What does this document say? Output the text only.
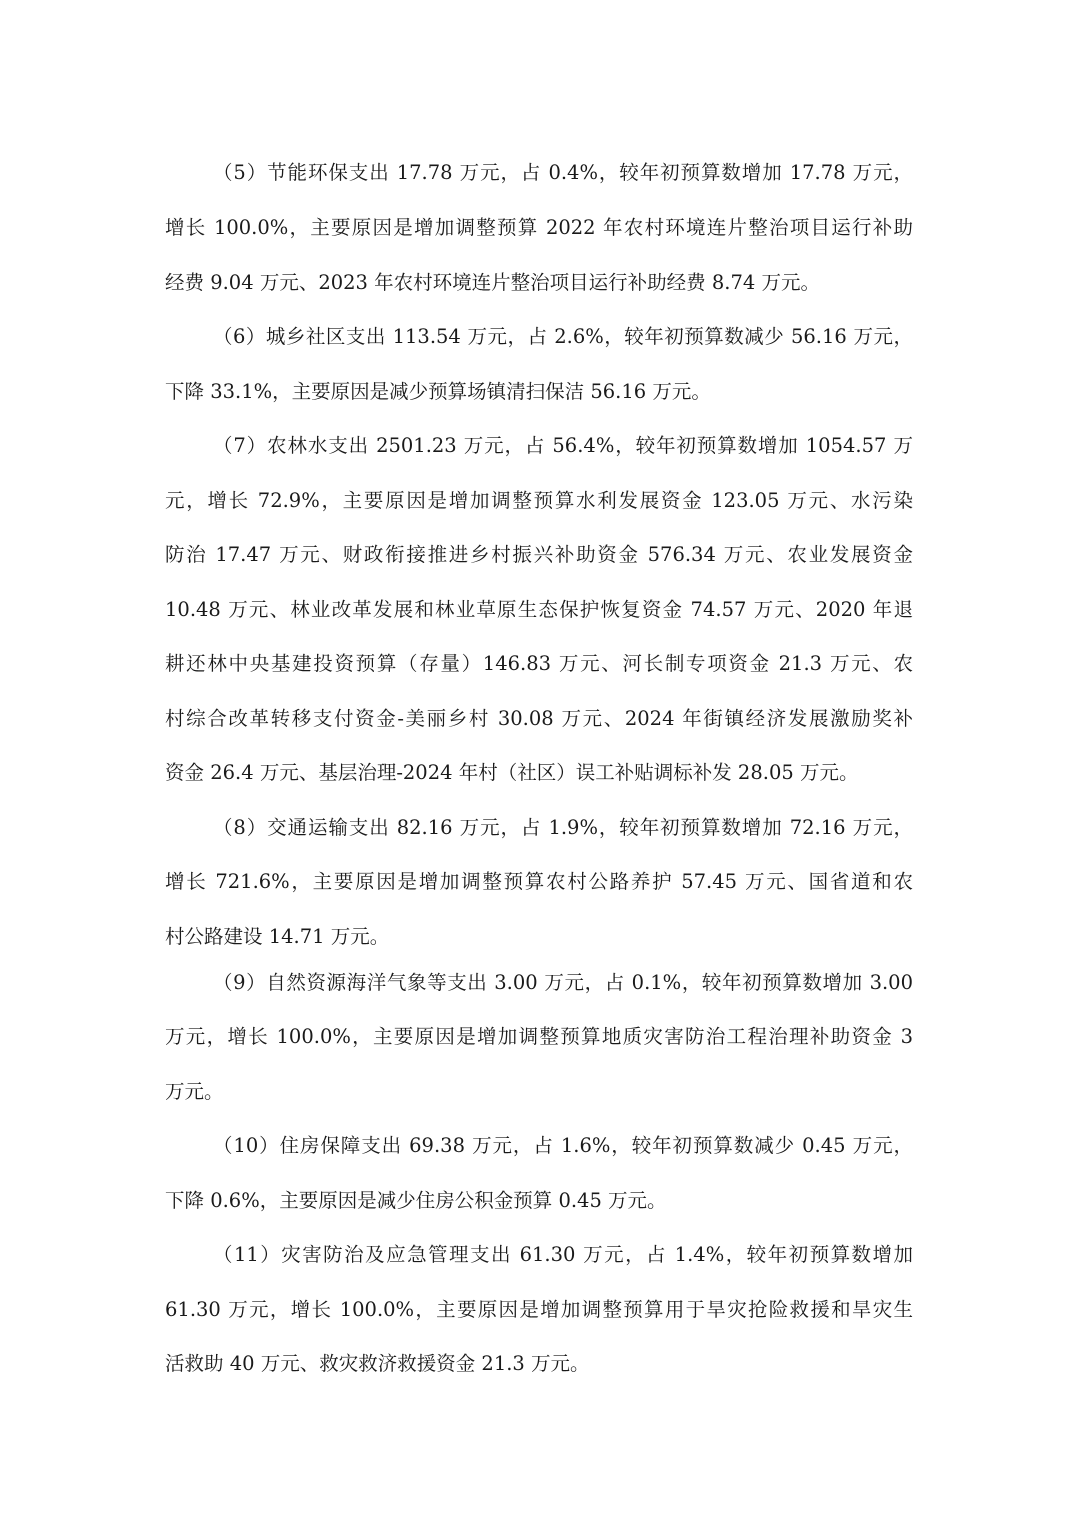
（5）节能环保支出 17.78 万元，占 0.4%，较年初预算数增加 17.78 万元，
增长 100.0%，主要原因是增加调整预算 2022 年农村环境连片整治项目运行补助
经费 9.04 万元、2023 年农村环境连片整治项目运行补助经费 8.74 万元。
（6）城乡社区支出 113.54 万元，占 2.6%，较年初预算数减少 56.16 万元，
下降 33.1%，主要原因是减少预算场镇清扫保洁 56.16 万元。
（7）农林水支出 2501.23 万元，占 56.4%，较年初预算数增加 1054.57 万
元，增长 72.9%，主要原因是增加调整预算水利发展资金 123.05 万元、水污染
防治 17.47 万元、财政衔接推进乡村振兴补助资金 576.34 万元、农业发展资金
10.48 万元、林业改革发展和林业草原生态保护恢复资金 74.57 万元、2020 年退
耕还林中央基建投资预算（存量）146.83 万元、河长制专项资金 21.3 万元、农
村综合改革转移支付资金-美丽乡村 30.08 万元、2024 年街镇经济发展激励奖补
资金 26.4 万元、基层治理-2024 年村（社区）误工补贴调标补发 28.05 万元。
（8）交通运输支出 82.16 万元，占 1.9%，较年初预算数增加 72.16 万元，
增长 721.6%，主要原因是增加调整预算农村公路养护 57.45 万元、国省道和农
村公路建设 14.71 万元。
（9）自然资源海洋气象等支出 3.00 万元，占 0.1%，较年初预算数增加 3.00
万元，增长 100.0%，主要原因是增加调整预算地质灾害防治工程治理补助资金 3
万元。
（10）住房保障支出 69.38 万元，占 1.6%，较年初预算数减少 0.45 万元，
下降 0.6%，主要原因是减少住房公积金预算 0.45 万元。
（11）灾害防治及应急管理支出 61.30 万元，占 1.4%，较年初预算数增加
61.30 万元，增长 100.0%，主要原因是增加调整预算用于旱灾抢险救援和旱灾生
活救助 40 万元、救灾救济救援资金 21.3 万元。
